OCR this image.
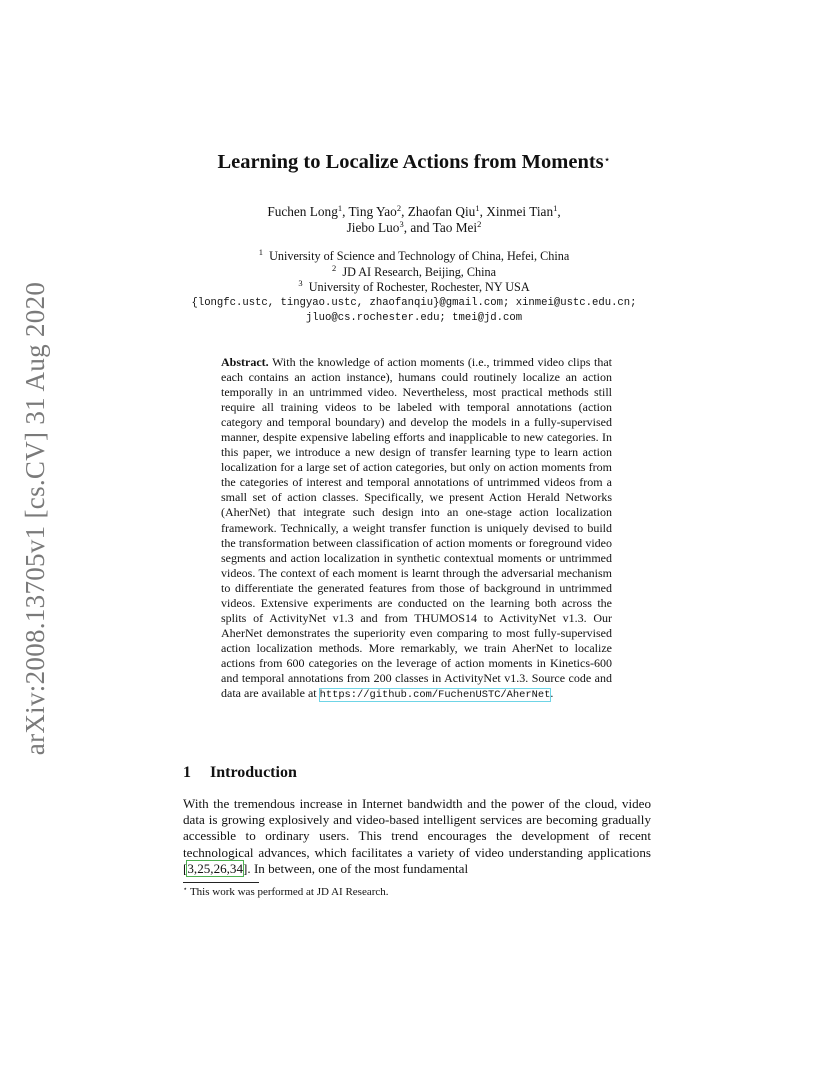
arXiv:2008.13705v1 [cs.CV] 31 Aug 2020
Learning to Localize Actions from Moments⋆
Fuchen Long$^1$, Ting Yao$^2$, Zhaofan Qiu$^1$, Xinmei Tian$^1$,
Jiebo Luo$^3$, and Tao Mei$^2$
$^1$ University of Science and Technology of China, Hefei, China
$^2$ JD AI Research, Beijing, China
$^3$ University of Rochester, Rochester, NY USA
{longfc.ustc, tingyao.ustc, zhaofanqiu}@gmail.com; xinmei@ustc.edu.cn;
jluo@cs.rochester.edu; tmei@jd.com
Abstract. With the knowledge of action moments (i.e., trimmed video clips that each contains an action instance), humans could routinely localize an action temporally in an untrimmed video. Nevertheless, most practical methods still require all training videos to be labeled with temporal annotations (action category and temporal boundary) and develop the models in a fully-supervised manner, despite expensive labeling efforts and inapplicable to new categories. In this paper, we introduce a new design of transfer learning type to learn action localization for a large set of action categories, but only on action moments from the categories of interest and temporal annotations of untrimmed videos from a small set of action classes. Specifically, we present Action Herald Networks (AherNet) that integrate such design into an one-stage action localization framework. Technically, a weight transfer function is uniquely devised to build the transformation between classification of action moments or foreground video segments and action localization in synthetic contextual moments or untrimmed videos. The context of each moment is learnt through the adversarial mechanism to differentiate the generated features from those of background in untrimmed videos. Extensive experiments are conducted on the learning both across the splits of ActivityNet v1.3 and from THUMOS14 to ActivityNet v1.3. Our AherNet demonstrates the superiority even comparing to most fully-supervised action localization methods. More remarkably, we train AherNet to localize actions from 600 categories on the leverage of action moments in Kinetics-600 and temporal annotations from 200 classes in ActivityNet v1.3. Source code and data are available at https://github.com/FuchenUSTC/AherNet.
1 Introduction
With the tremendous increase in Internet bandwidth and the power of the cloud, video data is growing explosively and video-based intelligent services are becoming gradually accessible to ordinary users. This trend encourages the development of recent technological advances, which facilitates a variety of video understanding applications [3,25,26,34]. In between, one of the most fundamental
⋆ This work was performed at JD AI Research.
